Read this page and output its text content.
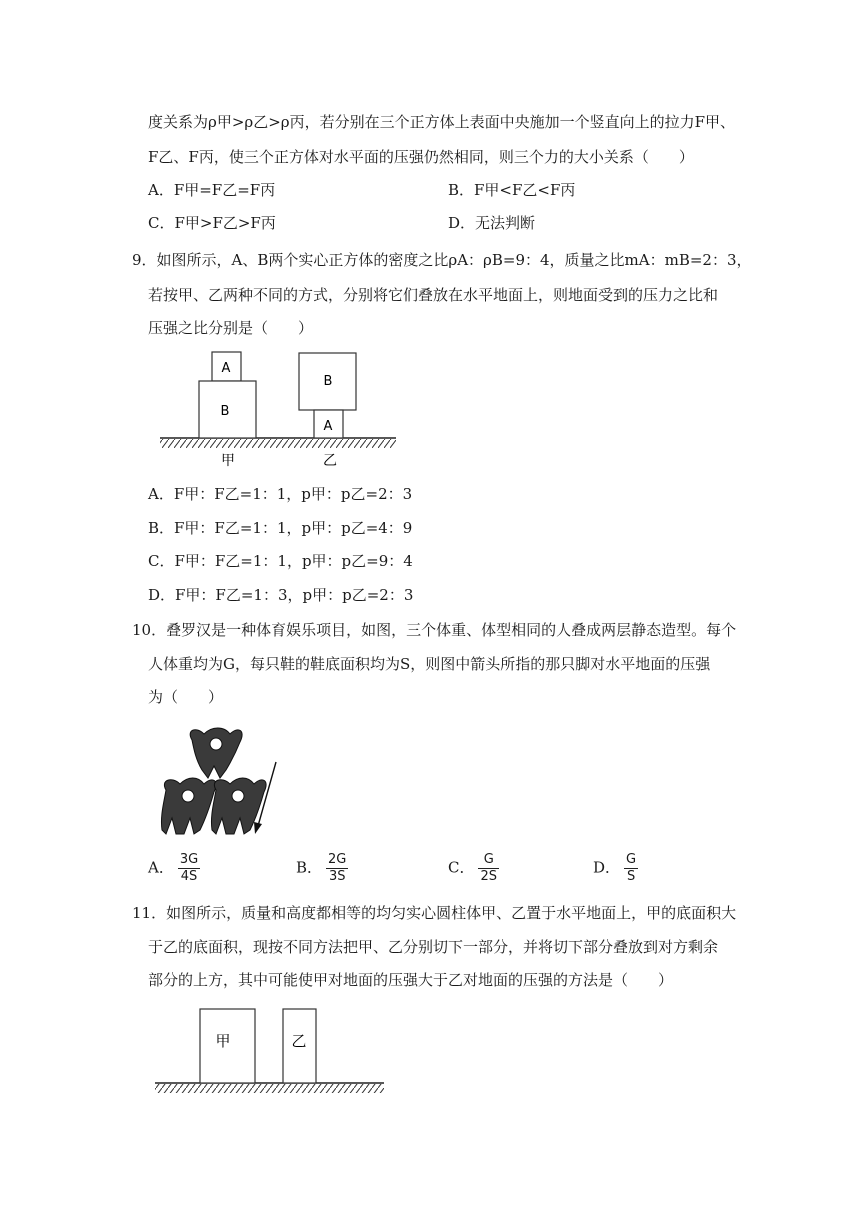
度关系为ρ甲>ρ乙>ρ丙，若分别在三个正方体上表面中央施加一个竖直向上的拉力F甲、
F乙、F丙，使三个正方体对水平面的压强仍然相同，则三个力的大小关系（　　）
A．F甲=F乙=F丙	B．F甲<F乙<F丙
C．F甲>F乙>F丙	D．无法判断
9．如图所示，A、B两个实心正方体的密度之比ρA：ρB=9：4，质量之比mA：mB=2：3，
若按甲、乙两种不同的方式，分别将它们叠放在水平地面上，则地面受到的压力之比和
压强之比分别是（　　）
A
B
甲
B
A
乙
甲	乙
A．F甲：F乙=1：1，p甲：p乙=2：3
B．F甲：F乙=1：1，p甲：p乙=4：9
C．F甲：F乙=1：1，p甲：p乙=9：4
D．F甲：F乙=1：3，p甲：p乙=2：3
10．叠罗汉是一种体育娱乐项目，如图，三个体重、体型相同的人叠成两层静态造型。每个
人体重均为G，每只鞋的鞋底面积均为S，则图中箭头所指的那只脚对水平地面的压强
为（　　）
A． $\frac{3G}{4S}$	B． $\frac{2G}{3S}$	C． $\frac{G}{2S}$	D． $\frac{G}{S}$
11．如图所示，质量和高度都相等的均匀实心圆柱体甲、乙置于水平地面上，甲的底面积大
于乙的底面积，现按不同方法把甲、乙分别切下一部分，并将切下部分叠放到对方剩余
部分的上方，其中可能使甲对地面的压强大于乙对地面的压强的方法是（　　）
